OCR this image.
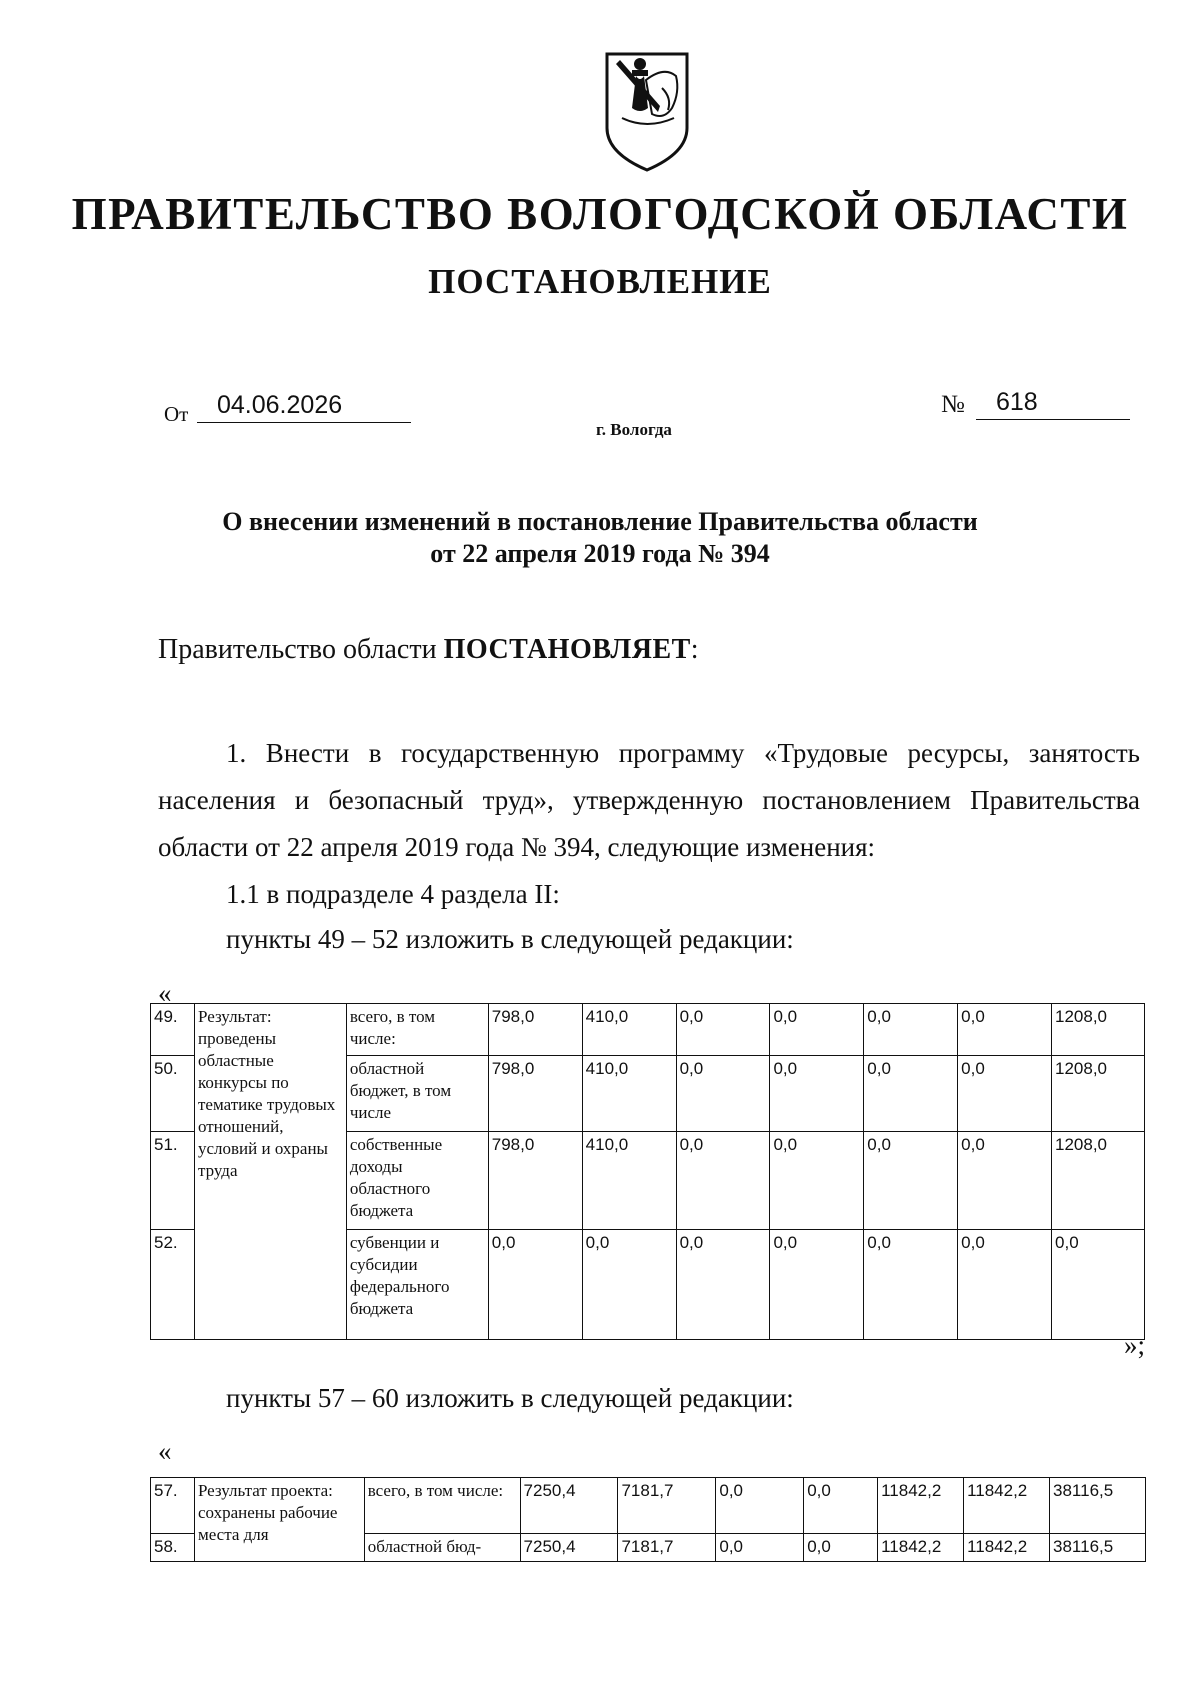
ПРАВИТЕЛЬСТВО ВОЛОГОДСКОЙ ОБЛАСТИ
ПОСТАНОВЛЕНИЕ
От	04.06.2026	№	618
г. Вологда
О внесении изменений в постановление Правительства области
от 22 апреля 2019 года № 394
Правительство области ПОСТАНОВЛЯЕТ:
1. Внести в государственную программу «Трудовые ресурсы, занятость населения и безопасный труд», утвержденную постановлением Правительства области от 22 апреля 2019 года № 394, следующие изменения:
1.1 в подразделе 4 раздела II:
пункты 49 – 52 изложить в следующей редакции:
«
49.	Результат: проведены областные конкурсы по тематике трудовых отношений, условий и охраны труда	всего, в том числе:	798,0	410,0	0,0	0,0	0,0	0,0	1208,0
50.		областной бюджет, в том числе	798,0	410,0	0,0	0,0	0,0	0,0	1208,0
51.		собственные доходы областного бюджета	798,0	410,0	0,0	0,0	0,0	0,0	1208,0
52.		субвенции и субсидии федерального бюджета	0,0	0,0	0,0	0,0	0,0	0,0	0,0
»;
пункты 57 – 60 изложить в следующей редакции:
«
57.	Результат проекта: сохранены рабочие места для	всего, в том числе:	7250,4	7181,7	0,0	0,0	11842,2	11842,2	38116,5
58.		областной бюд-	7250,4	7181,7	0,0	0,0	11842,2	11842,2	38116,5
